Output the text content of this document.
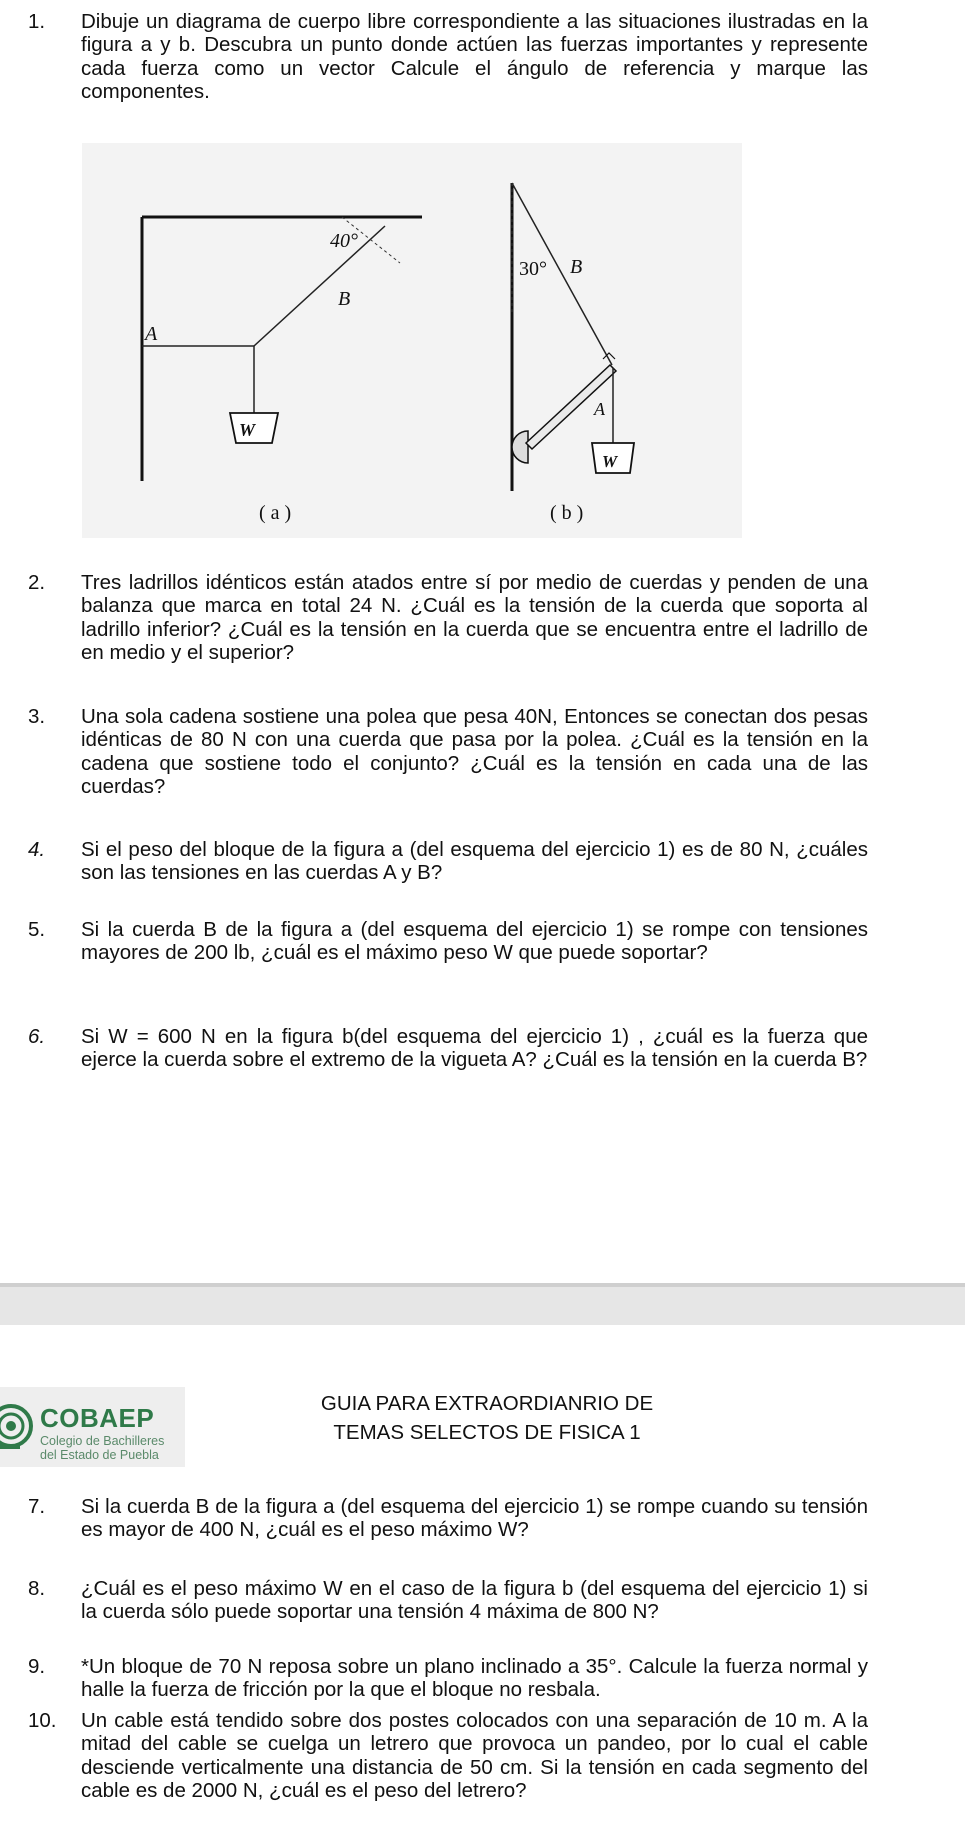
1. Dibuje un diagrama de cuerpo libre correspondiente a las situaciones ilustradas en la figura a y b. Descubra un punto donde actúen las fuerzas importantes y represente cada fuerza como un vector Calcule el ángulo de referencia y marque las componentes.
40°
B
A
W
( a )
30° B
A
W
( b )
2. Tres ladrillos idénticos están atados entre sí por medio de cuerdas y penden de una balanza que marca en total 24 N. ¿Cuál es la tensión de la cuerda que soporta al ladrillo inferior? ¿Cuál es la tensión en la cuerda que se encuentra entre el ladrillo de en medio y el superior?
3. Una sola cadena sostiene una polea que pesa 40N, Entonces se conectan dos pesas idénticas de 80 N con una cuerda que pasa por la polea. ¿Cuál es la tensión en la cadena que sostiene todo el conjunto? ¿Cuál es la tensión en cada una de las cuerdas?
4. Si el peso del bloque de la figura a (del esquema del ejercicio 1) es de 80 N, ¿cuáles son las tensiones en las cuerdas A y B?
5. Si la cuerda B de la figura a (del esquema del ejercicio 1) se rompe con tensiones mayores de 200 lb, ¿cuál es el máximo peso W que puede soportar?
6. Si W = 600 N en la figura b(del esquema del ejercicio 1) , ¿cuál es la fuerza que ejerce la cuerda sobre el extremo de la vigueta A? ¿Cuál es la tensión en la cuerda B?
COBAEP
Colegio de Bachilleres
del Estado de Puebla
GUIA PARA EXTRAORDIANRIO DE
TEMAS SELECTOS DE FISICA 1
7. Si la cuerda B de la figura a (del esquema del ejercicio 1) se rompe cuando su tensión es mayor de 400 N, ¿cuál es el peso máximo W?
8. ¿Cuál es el peso máximo W en el caso de la figura b (del esquema del ejercicio 1) si la cuerda sólo puede soportar una tensión 4 máxima de 800 N?
9. *Un bloque de 70 N reposa sobre un plano inclinado a 35°. Calcule la fuerza normal y halle la fuerza de fricción por la que el bloque no resbala.
10. Un cable está tendido sobre dos postes colocados con una separación de 10 m. A la mitad del cable se cuelga un letrero que provoca un pandeo, por lo cual el cable desciende verticalmente una distancia de 50 cm. Si la tensión en cada segmento del cable es de 2000 N, ¿cuál es el peso del letrero?
